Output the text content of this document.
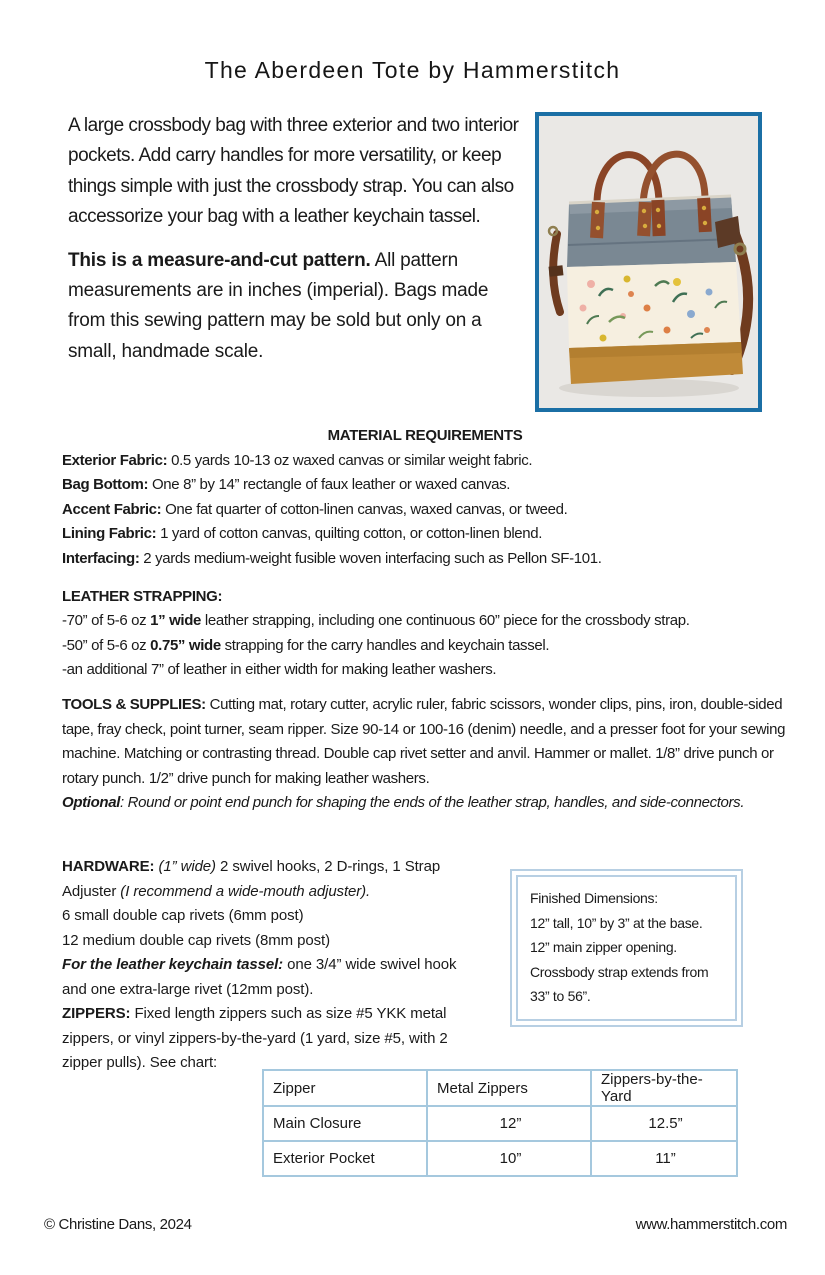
The Aberdeen Tote by Hammerstitch

A large crossbody bag with three exterior and two interior pockets. Add carry handles for more versatility, or keep things simple with just the crossbody strap. You can also accessorize your bag with a leather keychain tassel.

This is a measure-and-cut pattern. All pattern measurements are in inches (imperial). Bags made from this sewing pattern may be sold but only on a small, handmade scale.

MATERIAL REQUIREMENTS
Exterior Fabric: 0.5 yards 10-13 oz waxed canvas or similar weight fabric.
Bag Bottom: One 8” by 14” rectangle of faux leather or waxed canvas.
Accent Fabric: One fat quarter of cotton-linen canvas, waxed canvas, or tweed.
Lining Fabric: 1 yard of cotton canvas, quilting cotton, or cotton-linen blend.
Interfacing: 2 yards medium-weight fusible woven interfacing such as Pellon SF-101.
LEATHER STRAPPING:
-70” of 5-6 oz 1” wide leather strapping, including one continuous 60” piece for the crossbody strap.
-50” of 5-6 oz 0.75” wide strapping for the carry handles and keychain tassel.
-an additional 7” of leather in either width for making leather washers.
TOOLS & SUPPLIES: Cutting mat, rotary cutter, acrylic ruler, fabric scissors, wonder clips, pins, iron, double-sided tape, fray check, point turner, seam ripper. Size 90-14 or 100-16 (denim) needle, and a presser foot for your sewing machine. Matching or contrasting thread. Double cap rivet setter and anvil. Hammer or mallet. 1/8” drive punch or rotary punch. 1/2” drive punch for making leather washers.
Optional: Round or point end punch for shaping the ends of the leather strap, handles, and side-connectors.
HARDWARE: (1” wide) 2 swivel hooks, 2 D-rings, 1 Strap Adjuster (I recommend a wide-mouth adjuster).
6 small double cap rivets (6mm post)
12 medium double cap rivets (8mm post)
For the leather keychain tassel: one 3/4” wide swivel hook and one extra-large rivet (12mm post).
ZIPPERS: Fixed length zippers such as size #5 YKK metal zippers, or vinyl zippers-by-the-yard (1 yard, size #5, with 2 zipper pulls). See chart:
Finished Dimensions:
12” tall, 10” by 3” at the base.
12” main zipper opening.
Crossbody strap extends from
33” to 56”.
Zipper	Metal Zippers	Zippers-by-the-Yard
Main Closure	12”	12.5”
Exterior Pocket	10”	11”
© Christine Dans, 2024	www.hammerstitch.com
